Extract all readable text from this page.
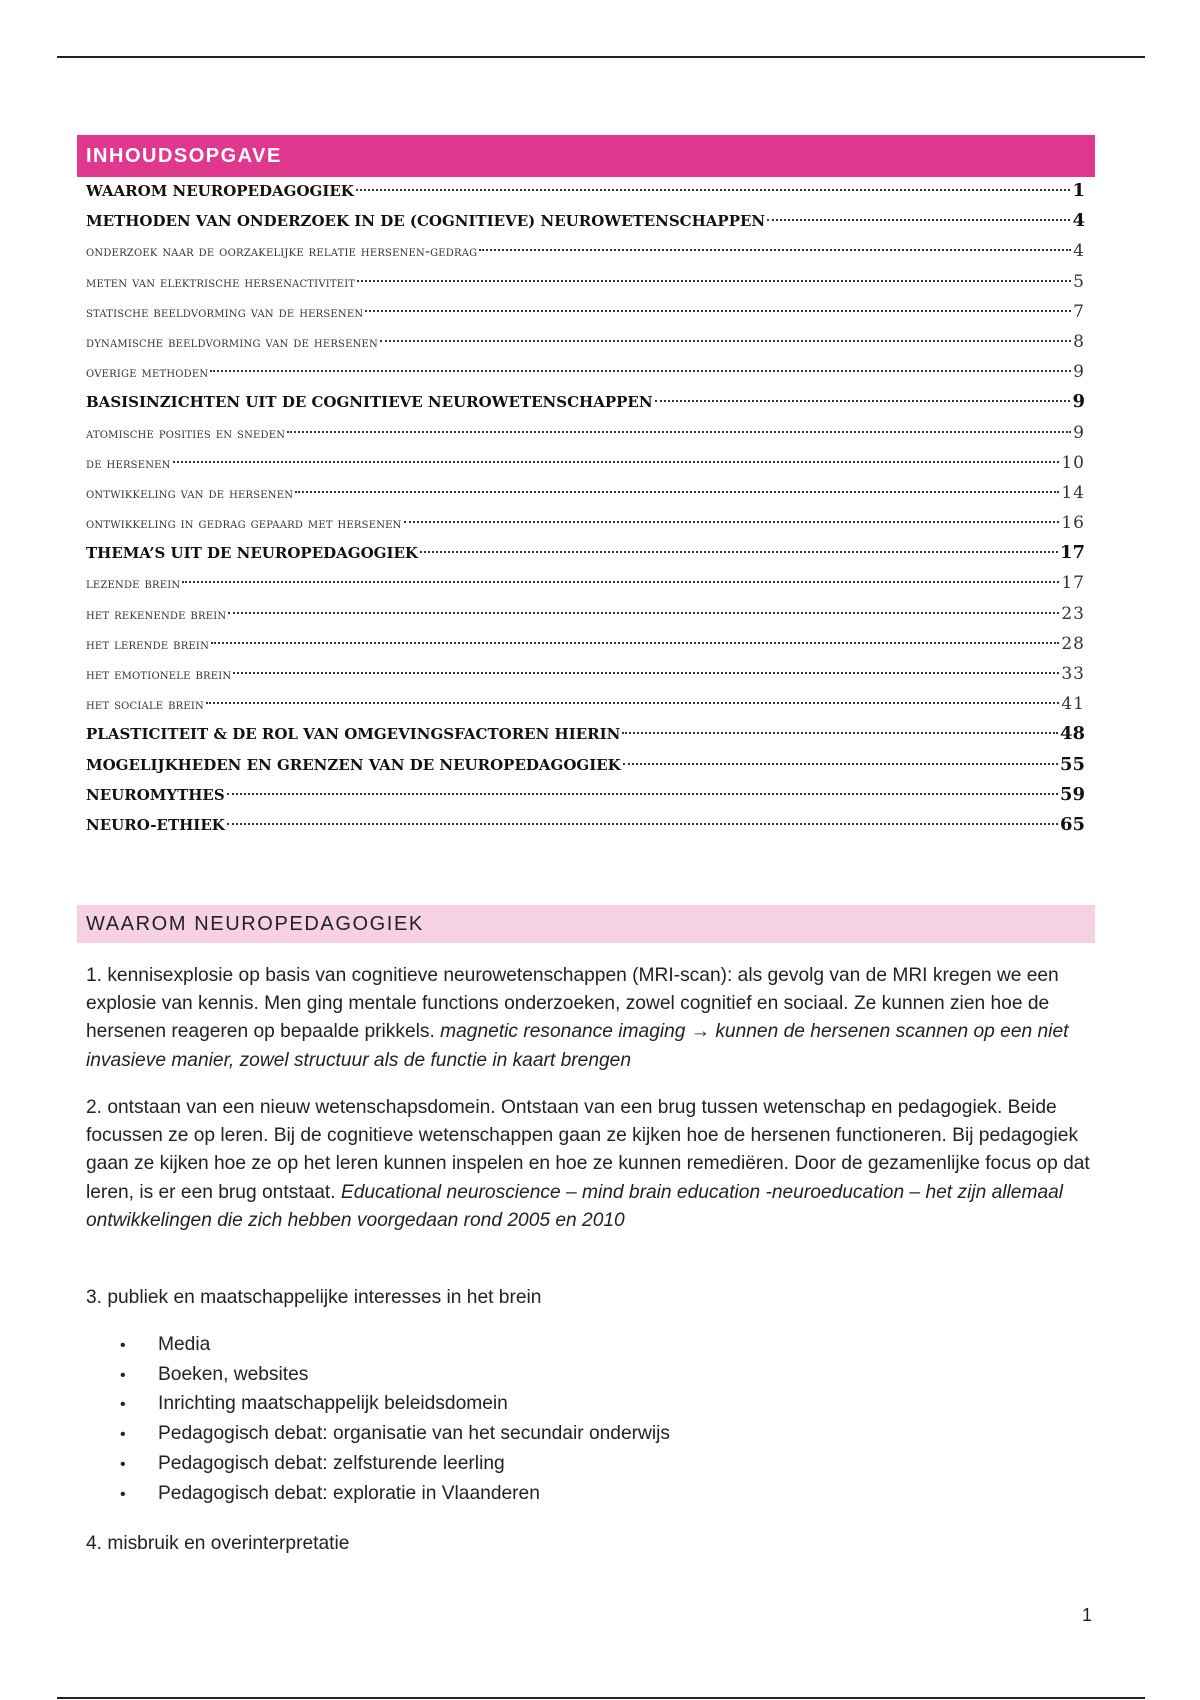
INHOUDSOPGAVE
WAAROM NEUROPEDAGOGIEK	1
METHODEN VAN ONDERZOEK IN DE (COGNITIEVE) NEUROWETENSCHAPPEN	4
onderzoek naar de oorzakelijke relatie hersenen-gedrag	4
meten van elektrische hersenactiviteit	5
statische beeldvorming van de hersenen	7
dynamische beeldvorming van de hersenen	8
overige methoden	9
BASISINZICHTEN UIT DE COGNITIEVE NEUROWETENSCHAPPEN	9
atomische posities en sneden	9
de hersenen	10
ontwikkeling van de hersenen	14
ontwikkeling in gedrag gepaard met hersenen	16
THEMA’S UIT DE NEUROPEDAGOGIEK	17
lezende brein	17
het rekenende brein	23
het lerende brein	28
het emotionele brein	33
het sociale brein	41
PLASTICITEIT & DE ROL VAN OMGEVINGSFACTOREN HIERIN	48
MOGELIJKHEDEN EN GRENZEN VAN DE NEUROPEDAGOGIEK	55
NEUROMYTHES	59
NEURO-ETHIEK	65
WAAROM NEUROPEDAGOGIEK

1. kennisexplosie op basis van cognitieve neurowetenschappen (MRI-scan): als gevolg van de MRI kregen we een explosie van kennis. Men ging mentale functions onderzoeken, zowel cognitief en sociaal. Ze kunnen zien hoe de hersenen reageren op bepaalde prikkels. magnetic resonance imaging → kunnen de hersenen scannen op een niet invasieve manier, zowel structuur als de functie in kaart brengen

2. ontstaan van een nieuw wetenschapsdomein. Ontstaan van een brug tussen wetenschap en pedagogiek. Beide focussen ze op leren. Bij de cognitieve wetenschappen gaan ze kijken hoe de hersenen functioneren. Bij pedagogiek gaan ze kijken hoe ze op het leren kunnen inspelen en hoe ze kunnen remediëren. Door de gezamenlijke focus op dat leren, is er een brug ontstaat. Educational neuroscience – mind brain education -neuroeducation – het zijn allemaal ontwikkelingen die zich hebben voorgedaan rond 2005 en 2010

3. publiek en maatschappelijke interesses in het brein

•	Media
•	Boeken, websites
•	Inrichting maatschappelijk beleidsdomein
•	Pedagogisch debat: organisatie van het secundair onderwijs
•	Pedagogisch debat: zelfsturende leerling
•	Pedagogisch debat: exploratie in Vlaanderen

4. misbruik en overinterpretatie

1
